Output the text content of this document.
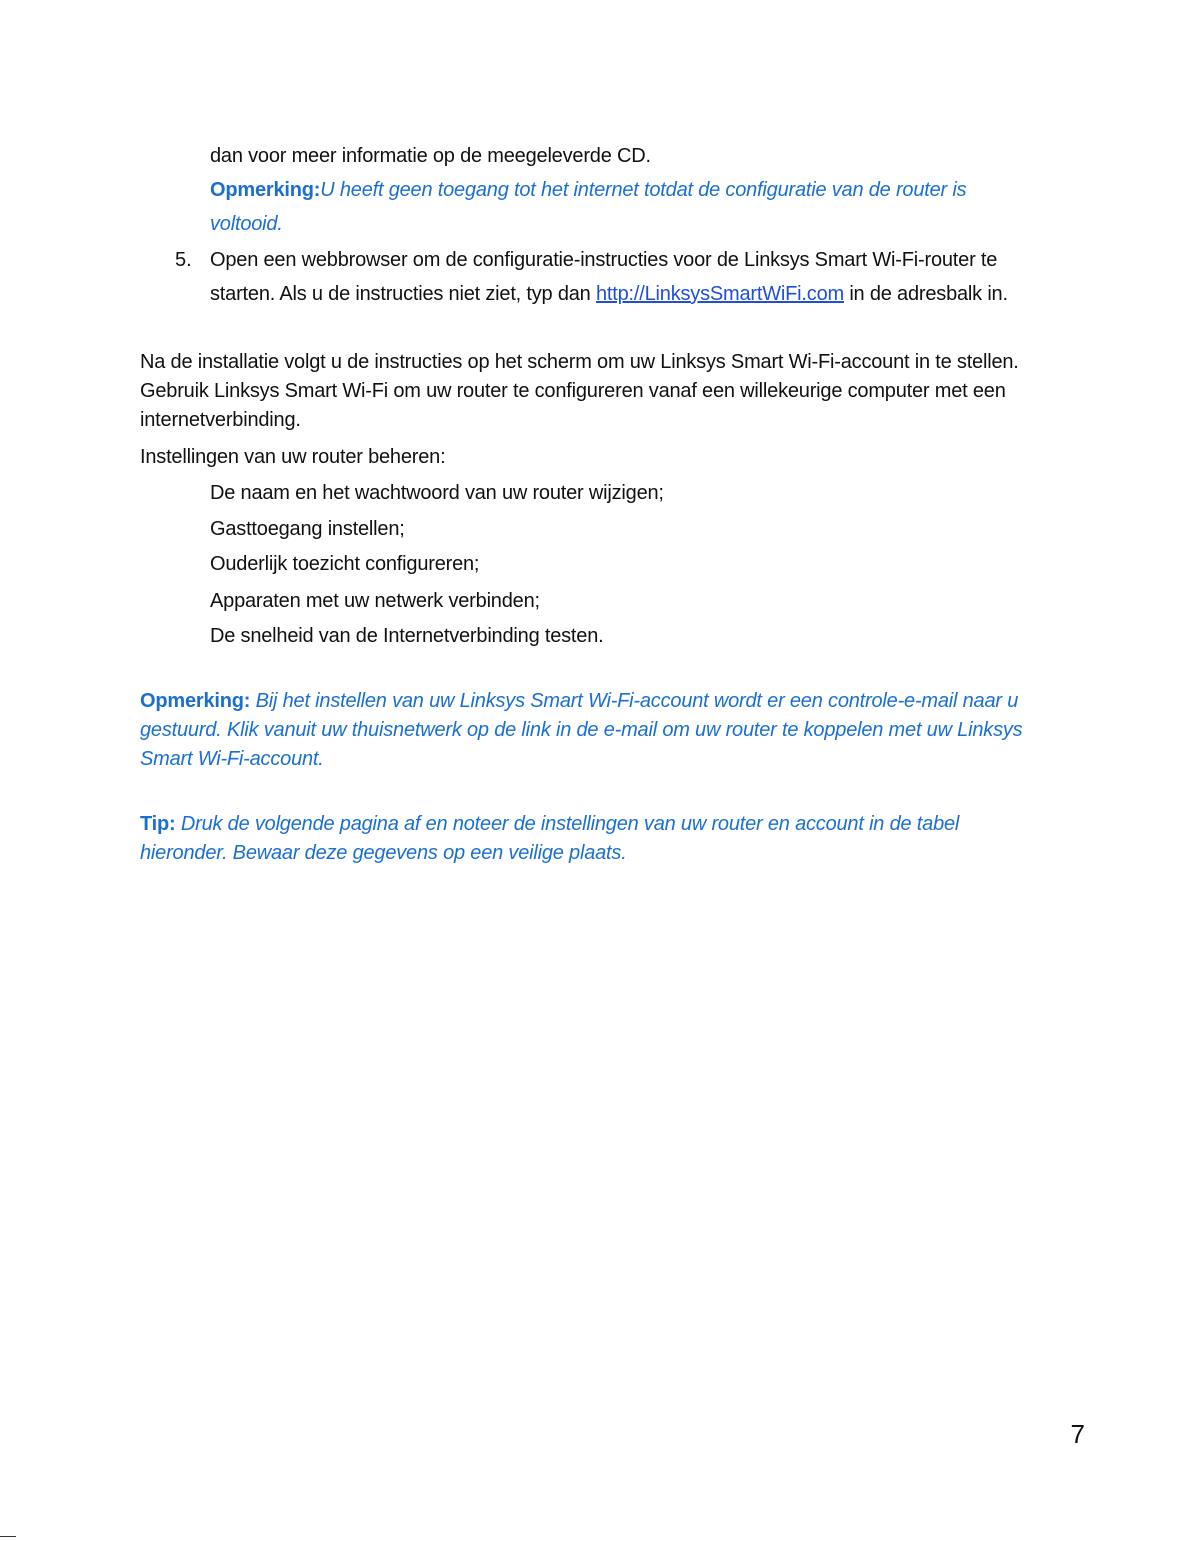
dan voor meer informatie op de meegeleverde CD.
Opmerking:U heeft geen toegang tot het internet totdat de configuratie van de router is
voltooid.
5. Open een webbrowser om de configuratie-instructies voor de Linksys Smart Wi-Fi-router te
starten. Als u de instructies niet ziet, typ dan http://LinksysSmartWiFi.com in de adresbalk in.
Na de installatie volgt u de instructies op het scherm om uw Linksys Smart Wi-Fi-account in te stellen.
Gebruik Linksys Smart Wi-Fi om uw router te configureren vanaf een willekeurige computer met een
internetverbinding.
Instellingen van uw router beheren:
De naam en het wachtwoord van uw router wijzigen;
Gasttoegang instellen;
Ouderlijk toezicht configureren;
Apparaten met uw netwerk verbinden;
De snelheid van de Internetverbinding testen.
Opmerking: Bij het instellen van uw Linksys Smart Wi-Fi-account wordt er een controle-e-mail naar u
gestuurd. Klik vanuit uw thuisnetwerk op de link in de e-mail om uw router te koppelen met uw Linksys
Smart Wi-Fi-account.
Tip: Druk de volgende pagina af en noteer de instellingen van uw router en account in de tabel
hieronder. Bewaar deze gegevens op een veilige plaats.
7
